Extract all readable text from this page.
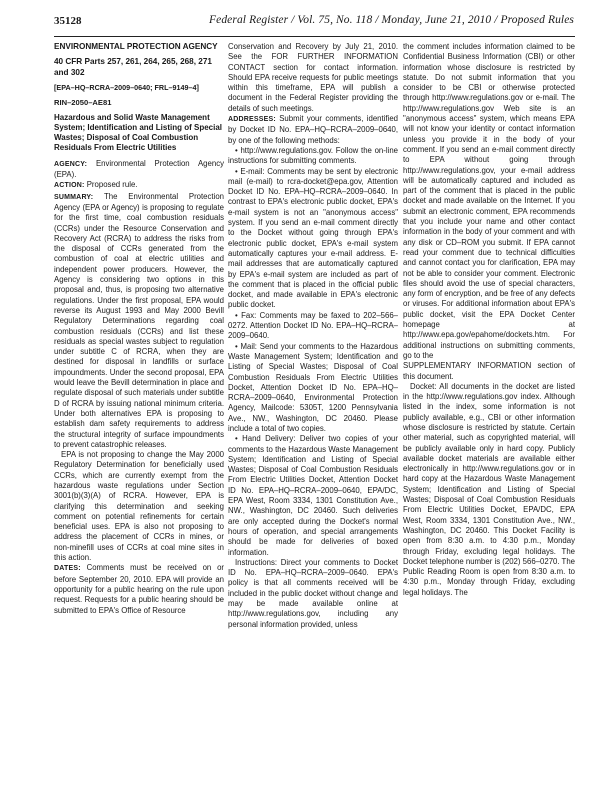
35128	Federal Register / Vol. 75, No. 118 / Monday, June 21, 2010 / Proposed Rules
ENVIRONMENTAL PROTECTION AGENCY
40 CFR Parts 257, 261, 264, 265, 268, 271 and 302
[EPA–HQ–RCRA–2009–0640; FRL–9149–4]
RIN–2050–AE81
Hazardous and Solid Waste Management System; Identification and Listing of Special Wastes; Disposal of Coal Combustion Residuals From Electric Utilities

AGENCY: Environmental Protection Agency (EPA).

ACTION: Proposed rule.

SUMMARY: The Environmental Protection Agency (EPA or Agency) is proposing to regulate for the first time, coal combustion residuals (CCRs) under the Resource Conservation and Recovery Act (RCRA) to address the risks from the disposal of CCRs generated from the combustion of coal at electric utilities and independent power producers. However, the Agency is considering two options in this proposal and, thus, is proposing two alternative regulations. Under the first proposal, EPA would reverse its August 1993 and May 2000 Bevill Regulatory Determinations regarding coal combustion residuals (CCRs) and list these residuals as special wastes subject to regulation under subtitle C of RCRA, when they are destined for disposal in landfills or surface impoundments. Under the second proposal, EPA would leave the Bevill determination in place and regulate disposal of such materials under subtitle D of RCRA by issuing national minimum criteria. Under both alternatives EPA is proposing to establish dam safety requirements to address the structural integrity of surface impoundments to prevent catastrophic releases.

EPA is not proposing to change the May 2000 Regulatory Determination for beneficially used CCRs, which are currently exempt from the hazardous waste regulations under Section 3001(b)(3)(A) of RCRA. However, EPA is clarifying this determination and seeking comment on potential refinements for certain beneficial uses. EPA is also not proposing to address the placement of CCRs in mines, or non-minefill uses of CCRs at coal mine sites in this action.

DATES: Comments must be received on or before September 20, 2010. EPA will provide an opportunity for a public hearing on the rule upon request. Requests for a public hearing should be submitted to EPA's Office of Resource

Conservation and Recovery by July 21, 2010. See the FOR FURTHER INFORMATION CONTACT section for contact information. Should EPA receive requests for public meetings within this timeframe, EPA will publish a document in the Federal Register providing the details of such meetings.

ADDRESSES: Submit your comments, identified by Docket ID No. EPA–HQ–RCRA–2009–0640, by one of the following methods:

• http://www.regulations.gov. Follow the on-line instructions for submitting comments.

• E-mail: Comments may be sent by electronic mail (e-mail) to rcra-docket@epa.gov, Attention Docket ID No. EPA–HQ–RCRA–2009–0640. In contrast to EPA's electronic public docket, EPA's e-mail system is not an "anonymous access" system. If you send an e-mail comment directly to the Docket without going through EPA's electronic public docket, EPA's e-mail system automatically captures your e-mail address. E-mail addresses that are automatically captured by EPA's e-mail system are included as part of the comment that is placed in the official public docket, and made available in EPA's electronic public docket.

• Fax: Comments may be faxed to 202–566–0272. Attention Docket ID No. EPA–HQ–RCRA–2009–0640.

• Mail: Send your comments to the Hazardous Waste Management System; Identification and Listing of Special Wastes; Disposal of Coal Combustion Residuals From Electric Utilities Docket, Attention Docket ID No. EPA–HQ–RCRA–2009–0640, Environmental Protection Agency, Mailcode: 5305T, 1200 Pennsylvania Ave., NW., Washington, DC 20460. Please include a total of two copies.

• Hand Delivery: Deliver two copies of your comments to the Hazardous Waste Management System; Identification and Listing of Special Wastes; Disposal of Coal Combustion Residuals From Electric Utilities Docket, Attention Docket ID No. EPA–HQ–RCRA–2009–0640, EPA/DC, EPA West, Room 3334, 1301 Constitution Ave., NW., Washington, DC 20460. Such deliveries are only accepted during the Docket's normal hours of operation, and special arrangements should be made for deliveries of boxed information.

Instructions: Direct your comments to Docket ID No. EPA–HQ–RCRA–2009–0640. EPA's policy is that all comments received will be included in the public docket without change and may be made available online at http://www.regulations.gov, including any personal information provided, unless

the comment includes information claimed to be Confidential Business Information (CBI) or other information whose disclosure is restricted by statute. Do not submit information that you consider to be CBI or otherwise protected through http://www.regulations.gov or e-mail. The http://www.regulations.gov Web site is an "anonymous access" system, which means EPA will not know your identity or contact information unless you provide it in the body of your comment. If you send an e-mail comment directly to EPA without going through http://www.regulations.gov, your e-mail address will be automatically captured and included as part of the comment that is placed in the public docket and made available on the Internet. If you submit an electronic comment, EPA recommends that you include your name and other contact information in the body of your comment and with any disk or CD–ROM you submit. If EPA cannot read your comment due to technical difficulties and cannot contact you for clarification, EPA may not be able to consider your comment. Electronic files should avoid the use of special characters, any form of encryption, and be free of any defects or viruses. For additional information about EPA's public docket, visit the EPA Docket Center homepage at http://www.epa.gov/epahome/dockets.htm. For additional instructions on submitting comments, go to the

SUPPLEMENTARY INFORMATION section of this document.

Docket: All documents in the docket are listed in the http://www.regulations.gov index. Although listed in the index, some information is not publicly available, e.g., CBI or other information whose disclosure is restricted by statute. Certain other material, such as copyrighted material, will be publicly available only in hard copy. Publicly available docket materials are available either electronically in http://www.regulations.gov or in hard copy at the Hazardous Waste Management System; Identification and Listing of Special Wastes; Disposal of Coal Combustion Residuals From Electric Utilities Docket, EPA/DC, EPA West, Room 3334, 1301 Constitution Ave., NW., Washington, DC 20460. This Docket Facility is open from 8:30 a.m. to 4:30 p.m., Monday through Friday, excluding legal holidays. The Docket telephone number is (202) 566–0270. The Public Reading Room is open from 8:30 a.m. to 4:30 p.m., Monday through Friday, excluding legal holidays. The
